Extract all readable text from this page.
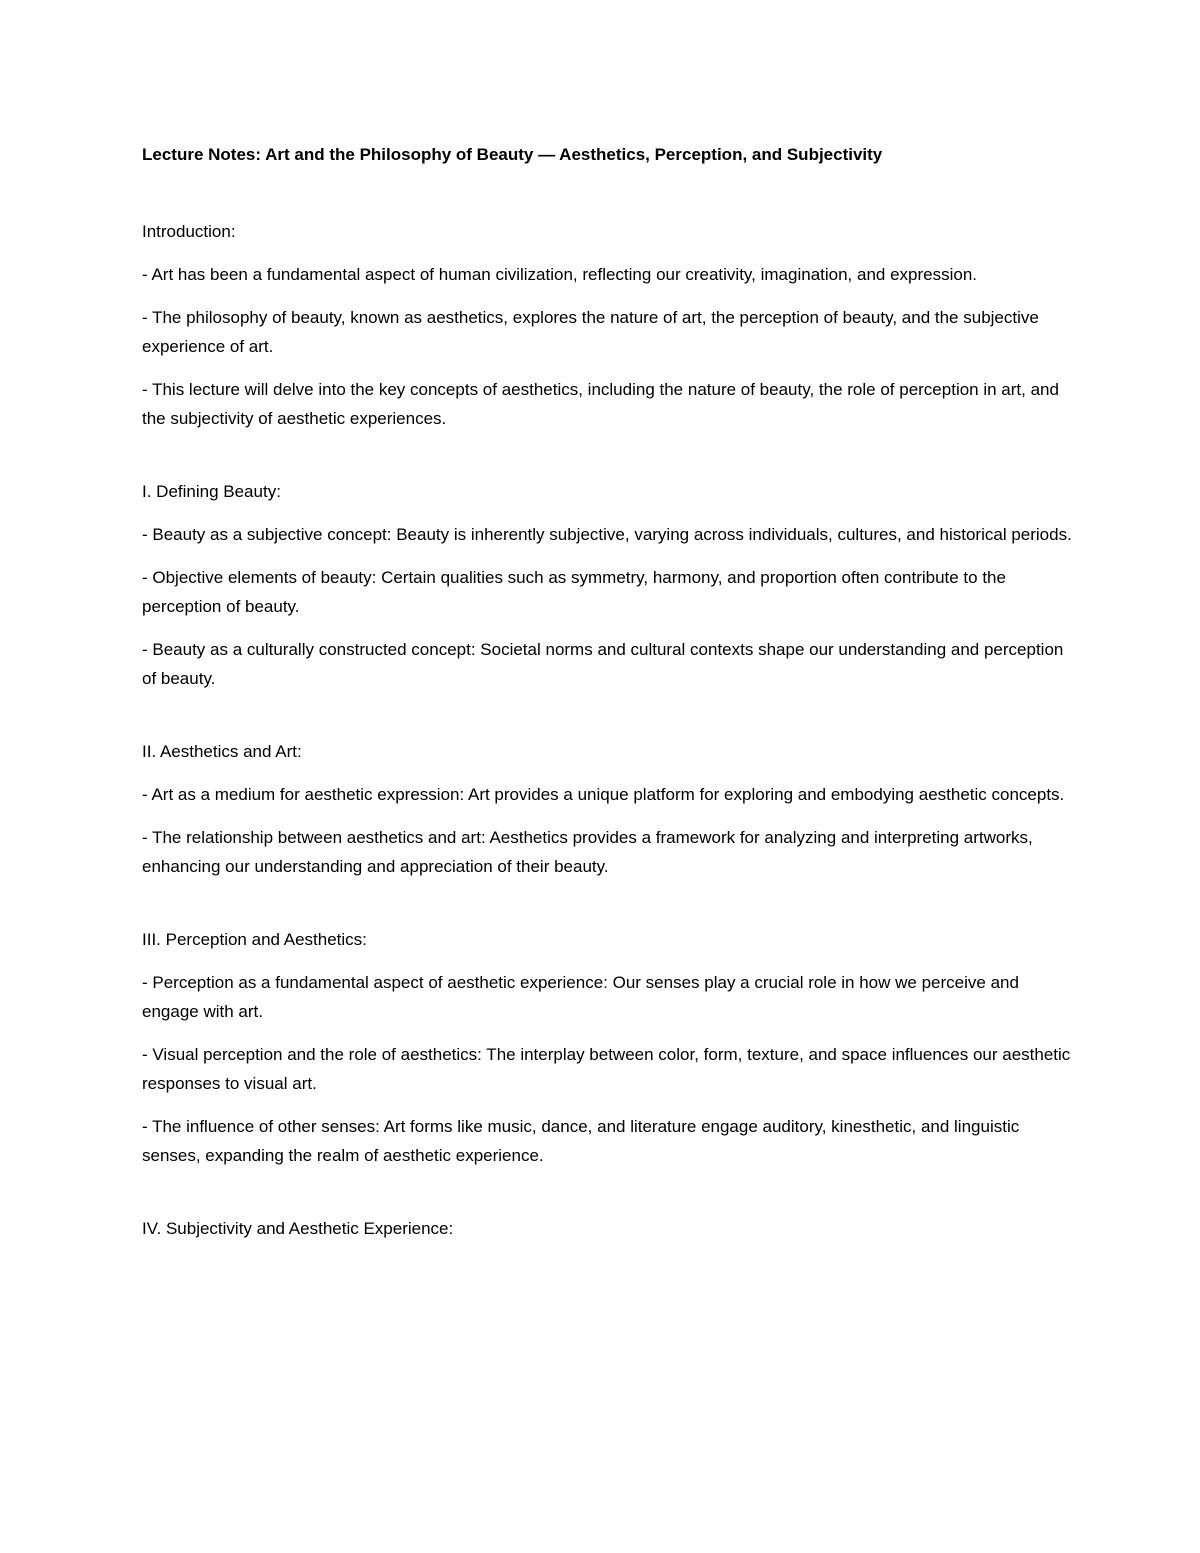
Lecture Notes: Art and the Philosophy of Beauty — Aesthetics, Perception, and Subjectivity
Introduction:
- Art has been a fundamental aspect of human civilization, reflecting our creativity, imagination, and expression.
- The philosophy of beauty, known as aesthetics, explores the nature of art, the perception of beauty, and the subjective experience of art.
- This lecture will delve into the key concepts of aesthetics, including the nature of beauty, the role of perception in art, and the subjectivity of aesthetic experiences.
I. Defining Beauty:
- Beauty as a subjective concept: Beauty is inherently subjective, varying across individuals, cultures, and historical periods.
- Objective elements of beauty: Certain qualities such as symmetry, harmony, and proportion often contribute to the perception of beauty.
- Beauty as a culturally constructed concept: Societal norms and cultural contexts shape our understanding and perception of beauty.
II. Aesthetics and Art:
- Art as a medium for aesthetic expression: Art provides a unique platform for exploring and embodying aesthetic concepts.
- The relationship between aesthetics and art: Aesthetics provides a framework for analyzing and interpreting artworks, enhancing our understanding and appreciation of their beauty.
III. Perception and Aesthetics:
- Perception as a fundamental aspect of aesthetic experience: Our senses play a crucial role in how we perceive and engage with art.
- Visual perception and the role of aesthetics: The interplay between color, form, texture, and space influences our aesthetic responses to visual art.
- The influence of other senses: Art forms like music, dance, and literature engage auditory, kinesthetic, and linguistic senses, expanding the realm of aesthetic experience.
IV. Subjectivity and Aesthetic Experience:
